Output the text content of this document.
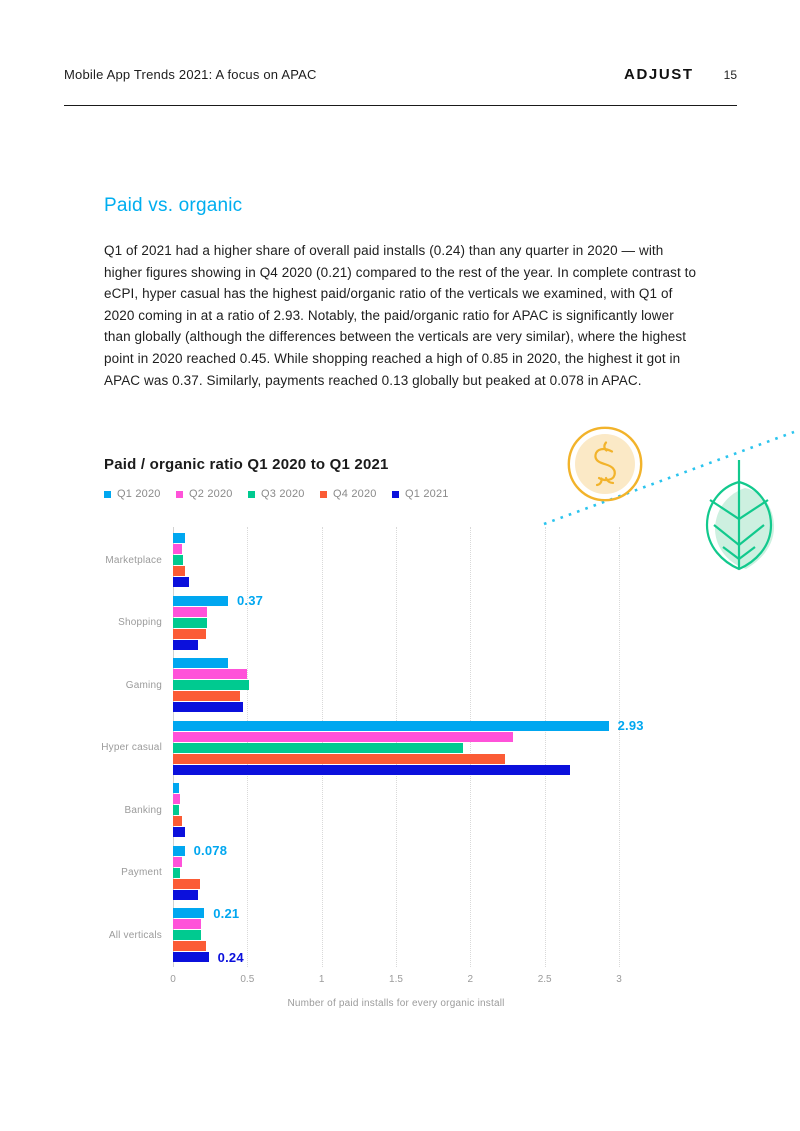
Mobile App Trends 2021: A focus on APAC	ADJUST	15
Paid vs. organic
Q1 of 2021 had a higher share of overall paid installs (0.24) than any quarter in 2020 — with higher figures showing in Q4 2020 (0.21) compared to the rest of the year. In complete contrast to eCPI, hyper casual has the highest paid/organic ratio of the verticals we examined, with Q1 of 2020 coming in at a ratio of 2.93. Notably, the paid/organic ratio for APAC is significantly lower than globally (although the differences between the verticals are very similar), where the highest point in 2020 reached 0.45. While shopping reached a high of 0.85 in 2020, the highest it got in APAC was 0.37. Similarly, payments reached 0.13 globally but peaked at 0.078 in APAC.
Paid / organic ratio Q1 2020 to Q1 2021
Q1 2020	Q2 2020	Q3 2020	Q4 2020	Q1 2021
Marketplace
Shopping
0.37
Gaming
Hyper casual
2.93
Banking
Payment
0.078
All verticals
0.21
0.24
0	0.5	1	1.5	2	2.5	3
Number of paid installs for every organic install
